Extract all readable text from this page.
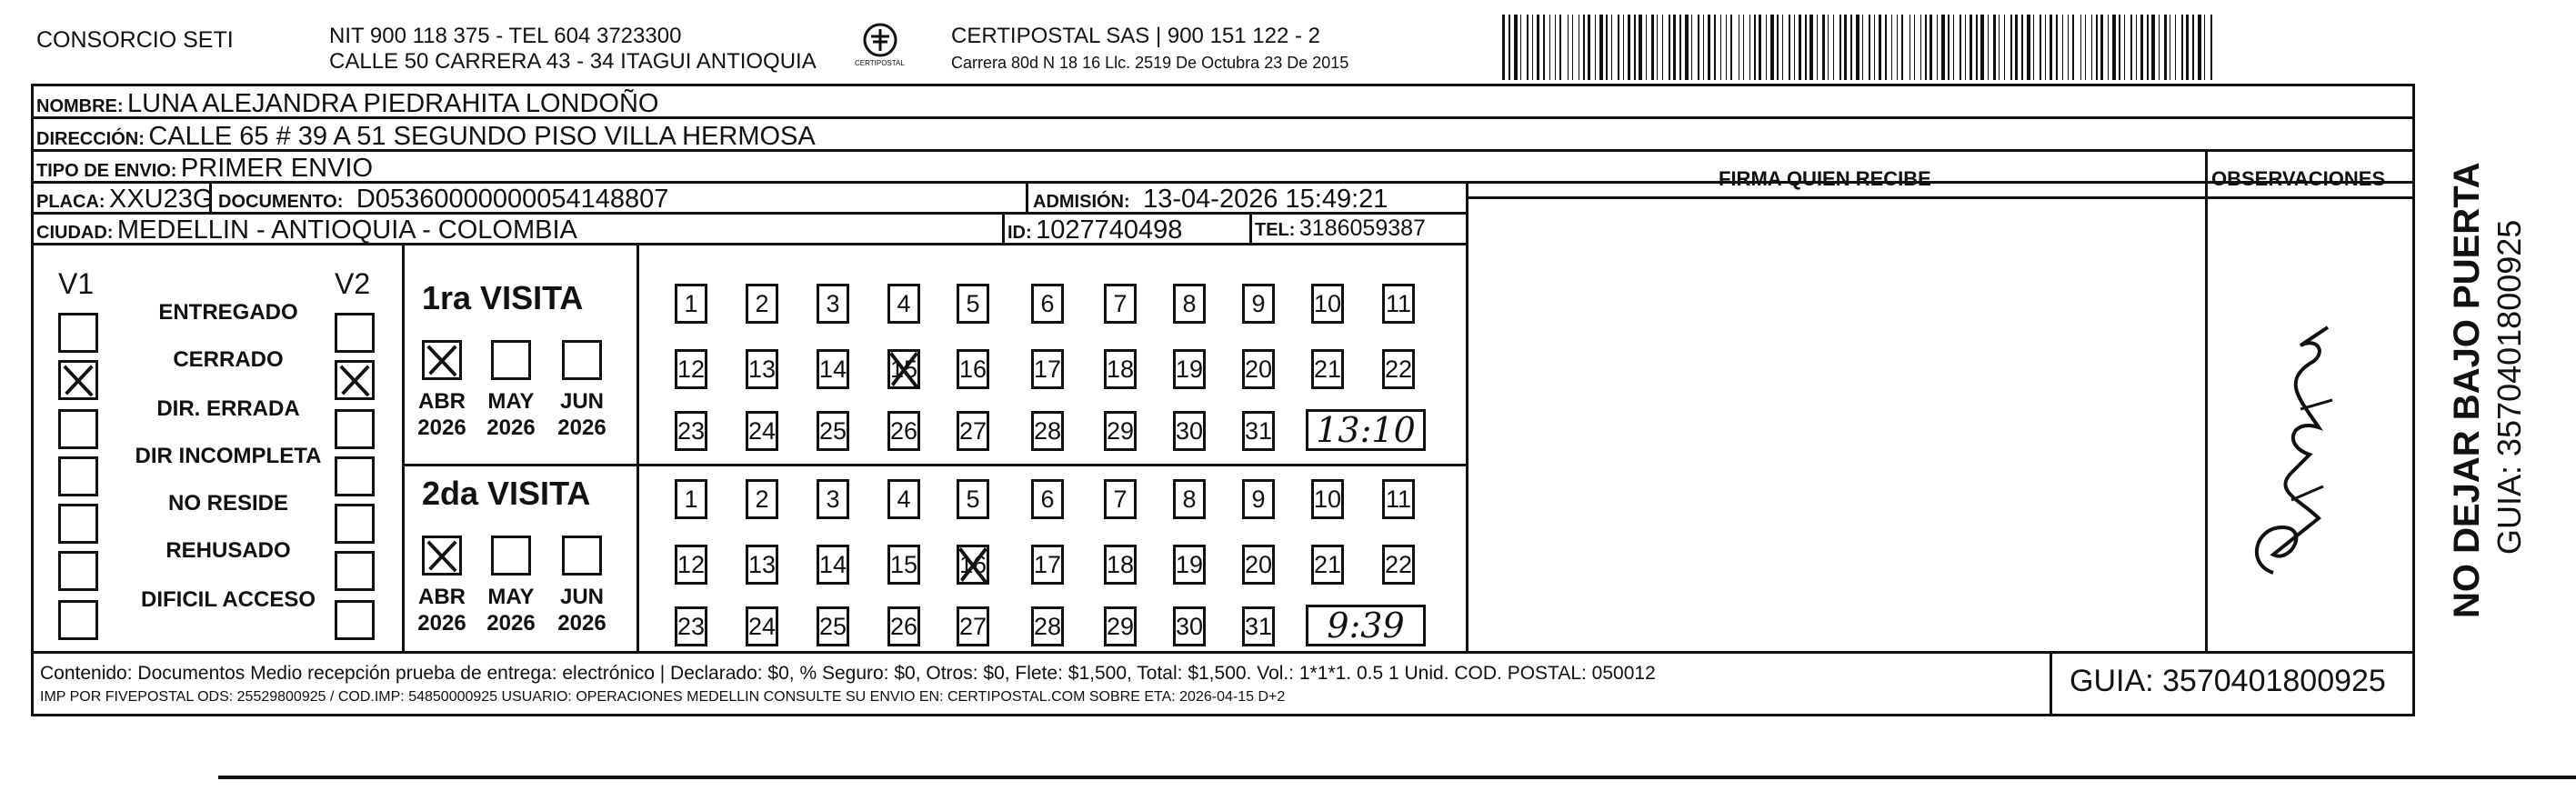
CONSORCIO SETI	NIT 900 118 375 - TEL 604 3723300
CALLE 50 CARRERA 43 - 34 ITAGUI ANTIOQUIA	CERTIPOSTAL
CERTIPOSTAL SAS | 900 151 122 - 2
Carrera 80d N 18 16 Llc. 2519 De Octubra 23 De 2015
NOMBRE: LUNA ALEJANDRA PIEDRAHITA LONDOÑO
DIRECCIÓN: CALLE 65 # 39 A 51 SEGUNDO PISO VILLA HERMOSA
TIPO DE ENVIO: PRIMER ENVIO	FIRMA QUIEN RECIBE	OBSERVACIONES
PLACA: XXU23G DOCUMENTO: D05360000000054148807	ADMISIÓN: 13-04-2026 15:49:21
CIUDAD: MEDELLIN - ANTIOQUIA - COLOMBIA	ID: 1027740498	TEL: 3186059387
V1	V2
ENTREGADO
CERRADO
DIR. ERRADA
DIR INCOMPLETA
NO RESIDE
REHUSADO
DIFICIL ACCESO
1ra VISITA
ABR
2026
MAY
2026
JUN
2026
1	2	3	4	5	6	7	8	9	10 11
12 13 14 15 16 17 18 19 20 21 22
23 24 25 26 27 28 29 30 31 13:10
2da VISITA
ABR
2026
MAY
2026
JUN
2026
1	2	3	4	5	6	7	8	9	10 11
12 13 14 15 16 17 18 19 20 21 22
23 24 25 26 27 28 29 30 31	9:39
Contenido: Documentos Medio recepción prueba de entrega: electrónico | Declarado: $0, % Seguro: $0, Otros: $0, Flete: $1,500, Total: $1,500. Vol.: 1*1*1. 0.5 1 Unid. COD. POSTAL: 050012
IMP POR FIVEPOSTAL ODS: 25529800925 / COD.IMP: 54850000925 USUARIO: OPERACIONES MEDELLIN CONSULTE SU ENVIO EN: CERTIPOSTAL.COM SOBRE ETA: 2026-04-15 D+2	GUIA: 3570401800925
NO DEJAR BAJO PUERTA GUIA: 3570401800925
